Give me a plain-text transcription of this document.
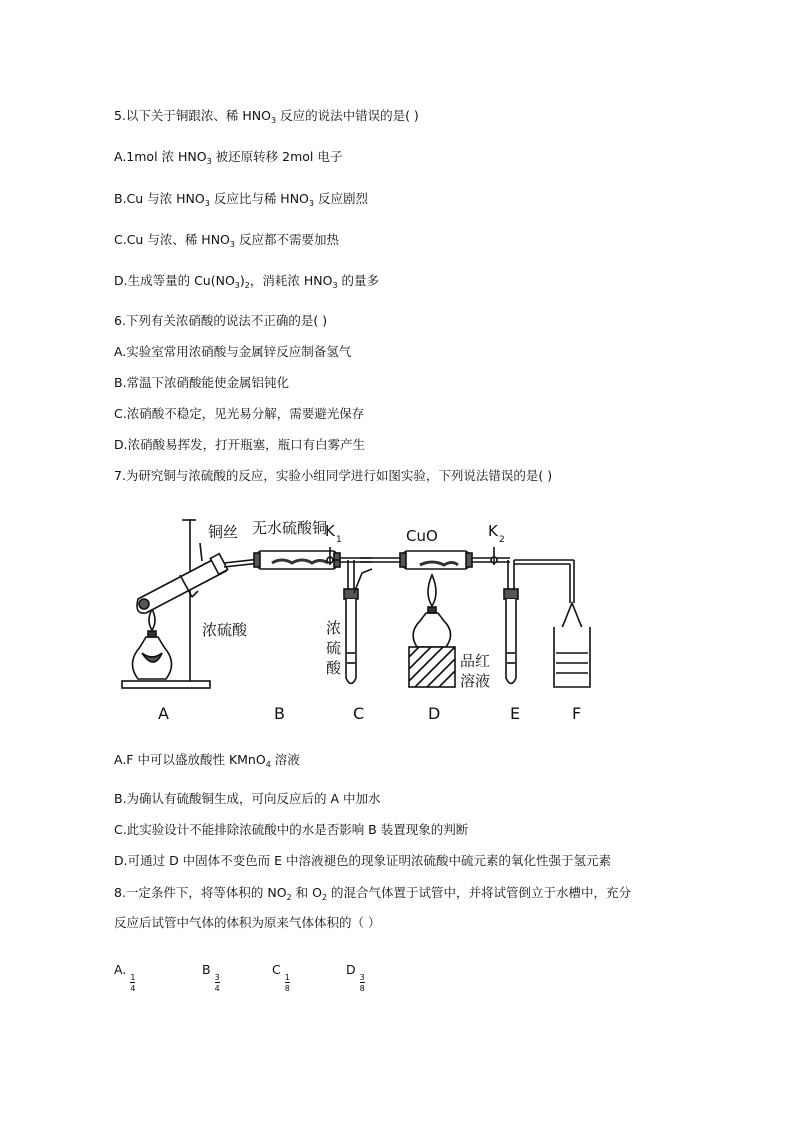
5.以下关于铜跟浓、稀 $HNO_3$ 反应的说法中错误的是( )
A.1mol 浓 $HNO_3$ 被还原转移 2mol 电子
B.Cu 与浓 $HNO_3$ 反应比与稀 $HNO_3$ 反应剧烈
C.Cu 与浓、稀 $HNO_3$ 反应都不需要加热
D.生成等量的 $Cu(NO_3)_2$，消耗浓 $HNO_3$ 的量多
6.下列有关浓硝酸的说法不正确的是( )
A.实验室常用浓硝酸与金属锌反应制备氢气
B.常温下浓硝酸能使金属铝钝化
C.浓硝酸不稳定，见光易分解，需要避光保存
D.浓硝酸易挥发，打开瓶塞，瓶口有白雾产生
7.为研究铜与浓硫酸的反应，实验小组同学进行如图实验，下列说法错误的是( )
铜丝 无水硫酸铜
浓硫酸
CuO
K 1	K 2
浓
硫
酸	品红
溶液
A	B	C	D	E	F
A.F 中可以盛放酸性 KMnO$_4$ 溶液
B.为确认有硫酸铜生成，可向反应后的 A 中加水
C.此实验设计不能排除浓硫酸中的水是否影响 B 装置现象的判断
D.可通过 D 中固体不变色而 E 中溶液褪色的现象证明浓硫酸中硫元素的氧化性强于氢元素
8.一定条件下，将等体积的 $NO_2$ 和 $O_2$ 的混合气体置于试管中，并将试管倒立于水槽中，充分
反应后试管中气体的体积为原来气体体积的（ ）
A.
$\frac{1}{4}$
B
$\frac{3}{4}$
C
$\frac{1}{8}$
D
$\frac{3}{8}$
